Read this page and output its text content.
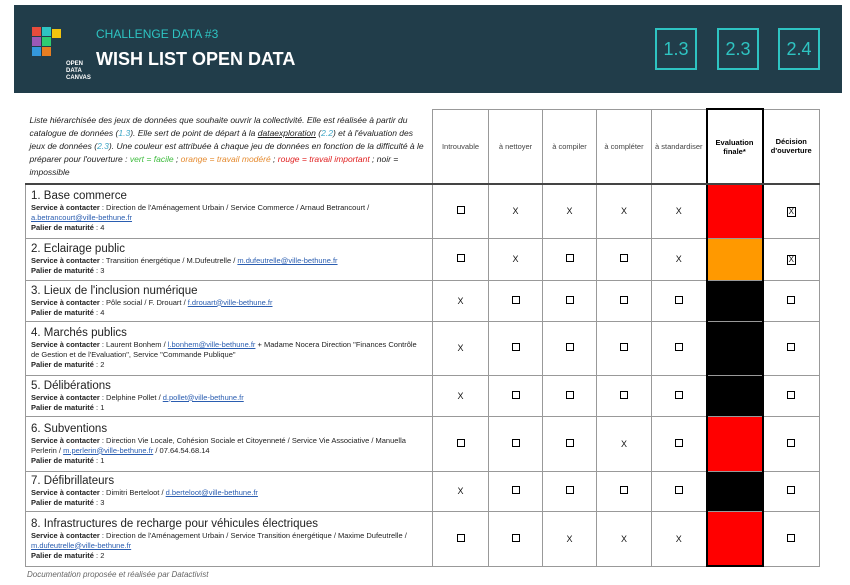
OPEN
DATA
CANVAS
CHALLENGE DATA #3
WISH LIST OPEN DATA
1.3	2.3	2.4
Liste hiérarchisée des jeux de données que souhaite ouvrir la collectivité. Elle est réalisée à partir du catalogue de données (1.3). Elle sert de point de départ à la dataexploration (2.2) et à l'évaluation des jeux de données (2.3). Une couleur est attribuée à chaque jeu de données en fonction de la difficulté à le préparer pour l'ouverture : vert = facile ; orange = travail modéré ; rouge = travail important ; noir = impossible	Introuvable	à nettoyer	à compiler	à compléter	à standardiser	Evaluation finale*	Décision d'ouverture

1. Base commerce
Service à contacter : Direction de l'Aménagement Urbain / Service Commerce / Arnaud Betrancourt / a.betrancourt@ville-bethune.fr
Palier de maturité : 4		X	X	X	X		X

2. Eclairage public
Service à contacter : Transition énergétique / M.Dufeutrelle / m.dufeutrelle@ville-bethune.fr
Palier de maturité : 3		X			X		X

3. Lieux de l'inclusion numérique
Service à contacter : Pôle social / F. Drouart / f.drouart@ville-bethune.fr
Palier de maturité : 4	X						

4. Marchés publics
Service à contacter : Laurent Bonhem / l.bonhem@ville-bethune.fr + Madame Nocera Direction "Finances Contrôle de Gestion et de l'Evaluation", Service "Commande Publique"
Palier de maturité : 2	X						

5. Délibérations
Service à contacter : Delphine Pollet / d.pollet@ville-bethune.fr
Palier de maturité : 1	X						

6. Subventions
Service à contacter : Direction Vie Locale, Cohésion Sociale et Citoyenneté / Service Vie Associative / Manuella Perlerin / m.perlerin@ville-bethune.fr / 07.64.54.68.14
Palier de maturité : 1				X			

7. Défibrillateurs
Service à contacter : Dimitri Berteloot / d.berteloot@ville-bethune.fr
Palier de maturité : 3	X						

8. Infrastructures de recharge pour véhicules électriques
Service à contacter : Direction de l'Aménagement Urbain / Service Transition énergétique / Maxime Dufeutrelle / m.dufeutrelle@ville-bethune.fr
Palier de maturité : 2			X	X	X		
Documentation proposée et réalisée par Datactivist
